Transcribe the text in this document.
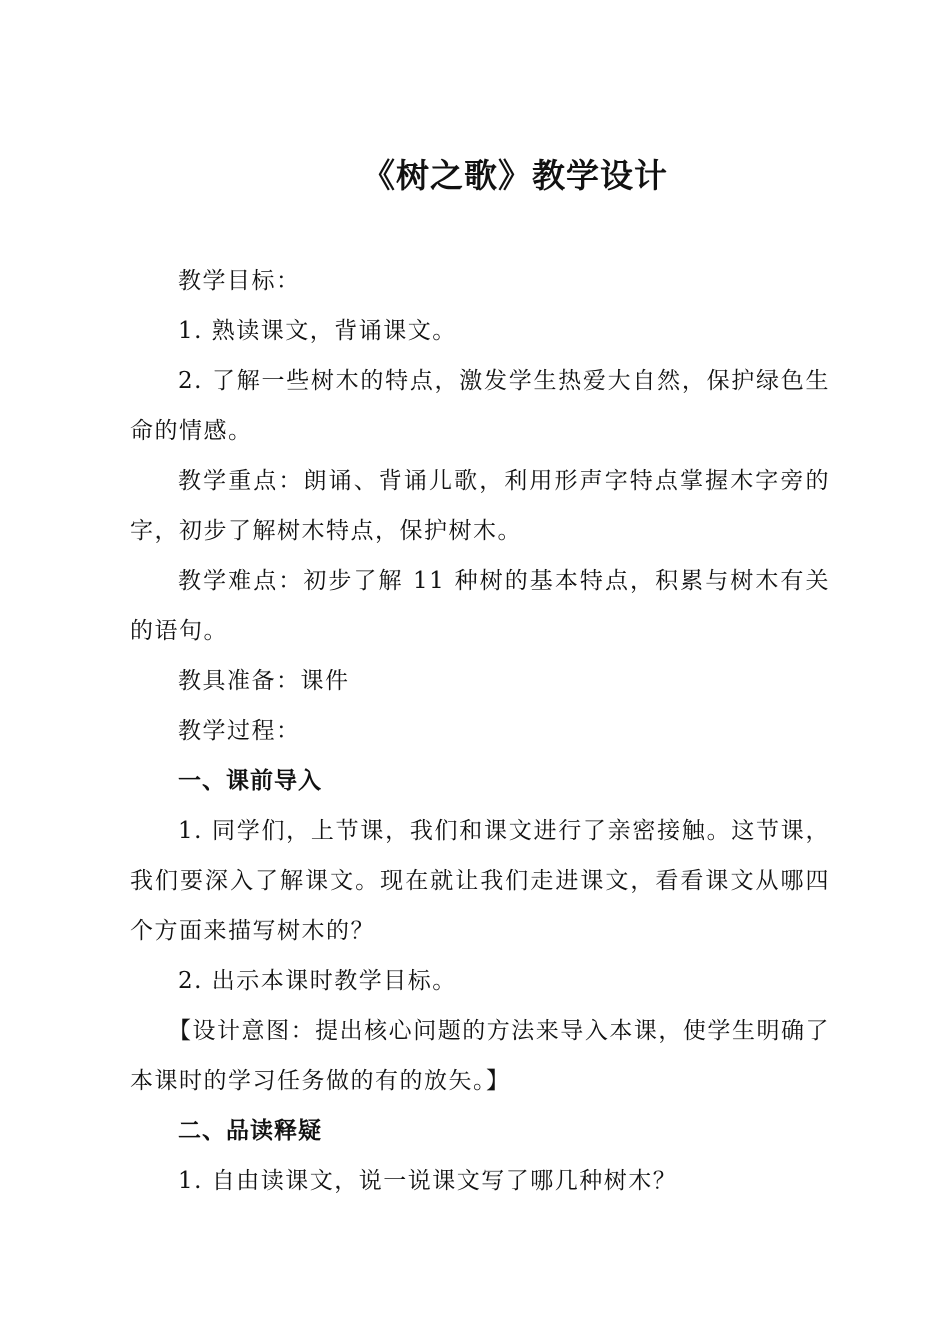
《树之歌》教学设计

教学目标：

1. 熟读课文，背诵课文。

2. 了解一些树木的特点，激发学生热爱大自然，保护绿色生命的情感。

教学重点：朗诵、背诵儿歌，利用形声字特点掌握木字旁的字，初步了解树木特点，保护树木。

教学难点：初步了解 11 种树的基本特点，积累与树木有关的语句。

教具准备：课件

教学过程：

一、课前导入

1. 同学们，上节课，我们和课文进行了亲密接触。这节课，我们要深入了解课文。现在就让我们走进课文，看看课文从哪四个方面来描写树木的？

2. 出示本课时教学目标。

【设计意图：提出核心问题的方法来导入本课，使学生明确了本课时的学习任务做的有的放矢。】

二、品读释疑

1. 自由读课文，说一说课文写了哪几种树木？
